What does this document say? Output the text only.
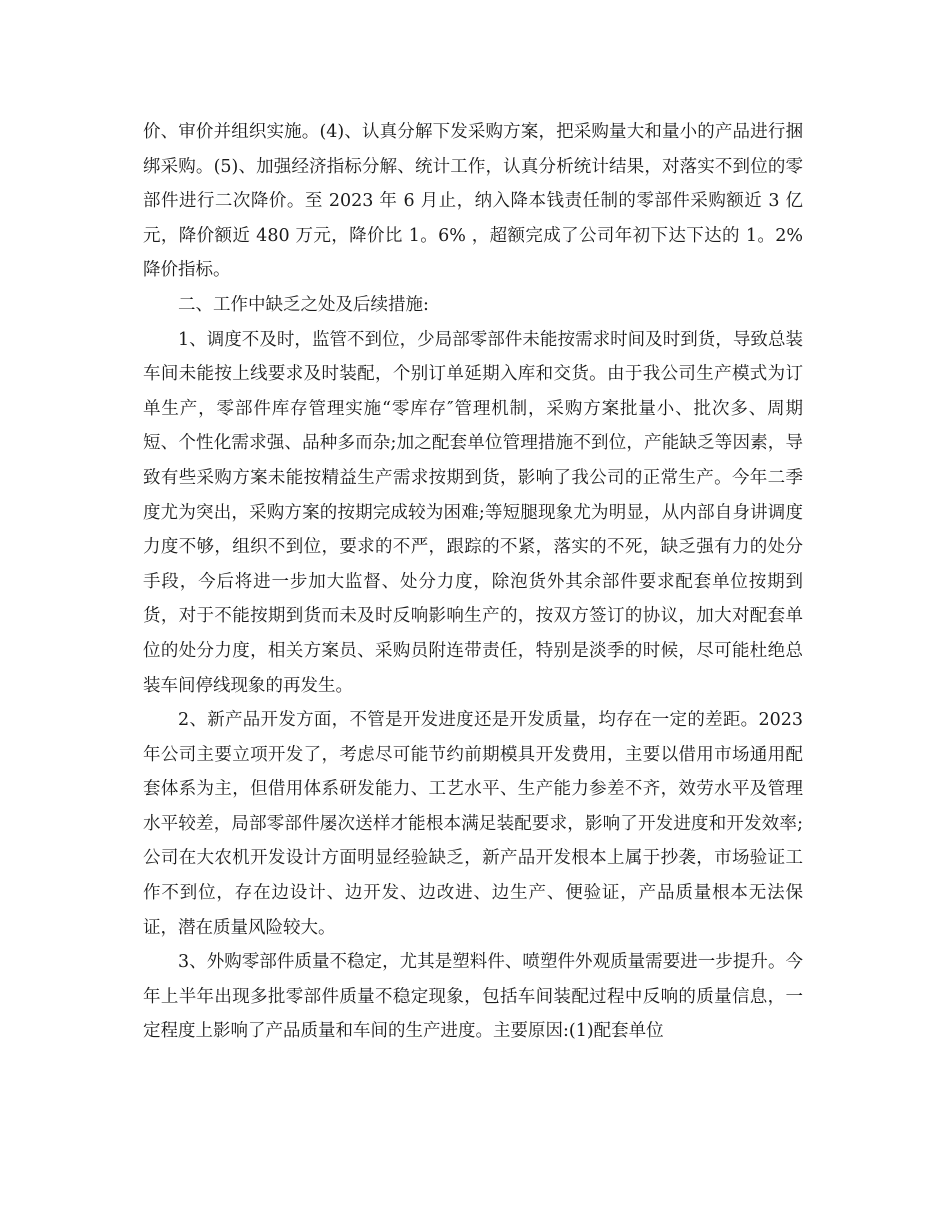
价、审价并组织实施。(4)、认真分解下发采购方案，把采购量大和量小的产品进行捆绑采购。(5)、加强经济指标分解、统计工作，认真分析统计结果，对落实不到位的零部件进行二次降价。至 2023 年 6 月止，纳入降本钱责任制的零部件采购额近 3 亿元，降价额近 480 万元，降价比 1。6% ，超额完成了公司年初下达下达的 1。2%降价指标。

二、工作中缺乏之处及后续措施:

1、调度不及时，监管不到位，少局部零部件未能按需求时间及时到货，导致总装车间未能按上线要求及时装配，个别订单延期入库和交货。由于我公司生产模式为订单生产，零部件库存管理实施“零库存″管理机制，采购方案批量小、批次多、周期短、个性化需求强、品种多而杂;加之配套单位管理措施不到位，产能缺乏等因素，导致有些采购方案未能按精益生产需求按期到货，影响了我公司的正常生产。今年二季度尤为突出，采购方案的按期完成较为困难;等短腿现象尤为明显，从内部自身讲调度力度不够，组织不到位，要求的不严，跟踪的不紧，落实的不死，缺乏强有力的处分手段，今后将进一步加大监督、处分力度，除泡货外其余部件要求配套单位按期到货，对于不能按期到货而未及时反响影响生产的，按双方签订的协议，加大对配套单位的处分力度，相关方案员、采购员附连带责任，特别是淡季的时候，尽可能杜绝总装车间停线现象的再发生。

2、新产品开发方面，不管是开发进度还是开发质量，均存在一定的差距。2023 年公司主要立项开发了，考虑尽可能节约前期模具开发费用，主要以借用市场通用配套体系为主，但借用体系研发能力、工艺水平、生产能力参差不齐，效劳水平及管理水平较差，局部零部件屡次送样才能根本满足装配要求，影响了开发进度和开发效率;公司在大农机开发设计方面明显经验缺乏，新产品开发根本上属于抄袭，市场验证工作不到位，存在边设计、边开发、边改进、边生产、便验证，产品质量根本无法保证，潜在质量风险较大。

3、外购零部件质量不稳定，尤其是塑料件、喷塑件外观质量需要进一步提升。今年上半年出现多批零部件质量不稳定现象，包括车间装配过程中反响的质量信息，一定程度上影响了产品质量和车间的生产进度。主要原因:(1)配套单位
